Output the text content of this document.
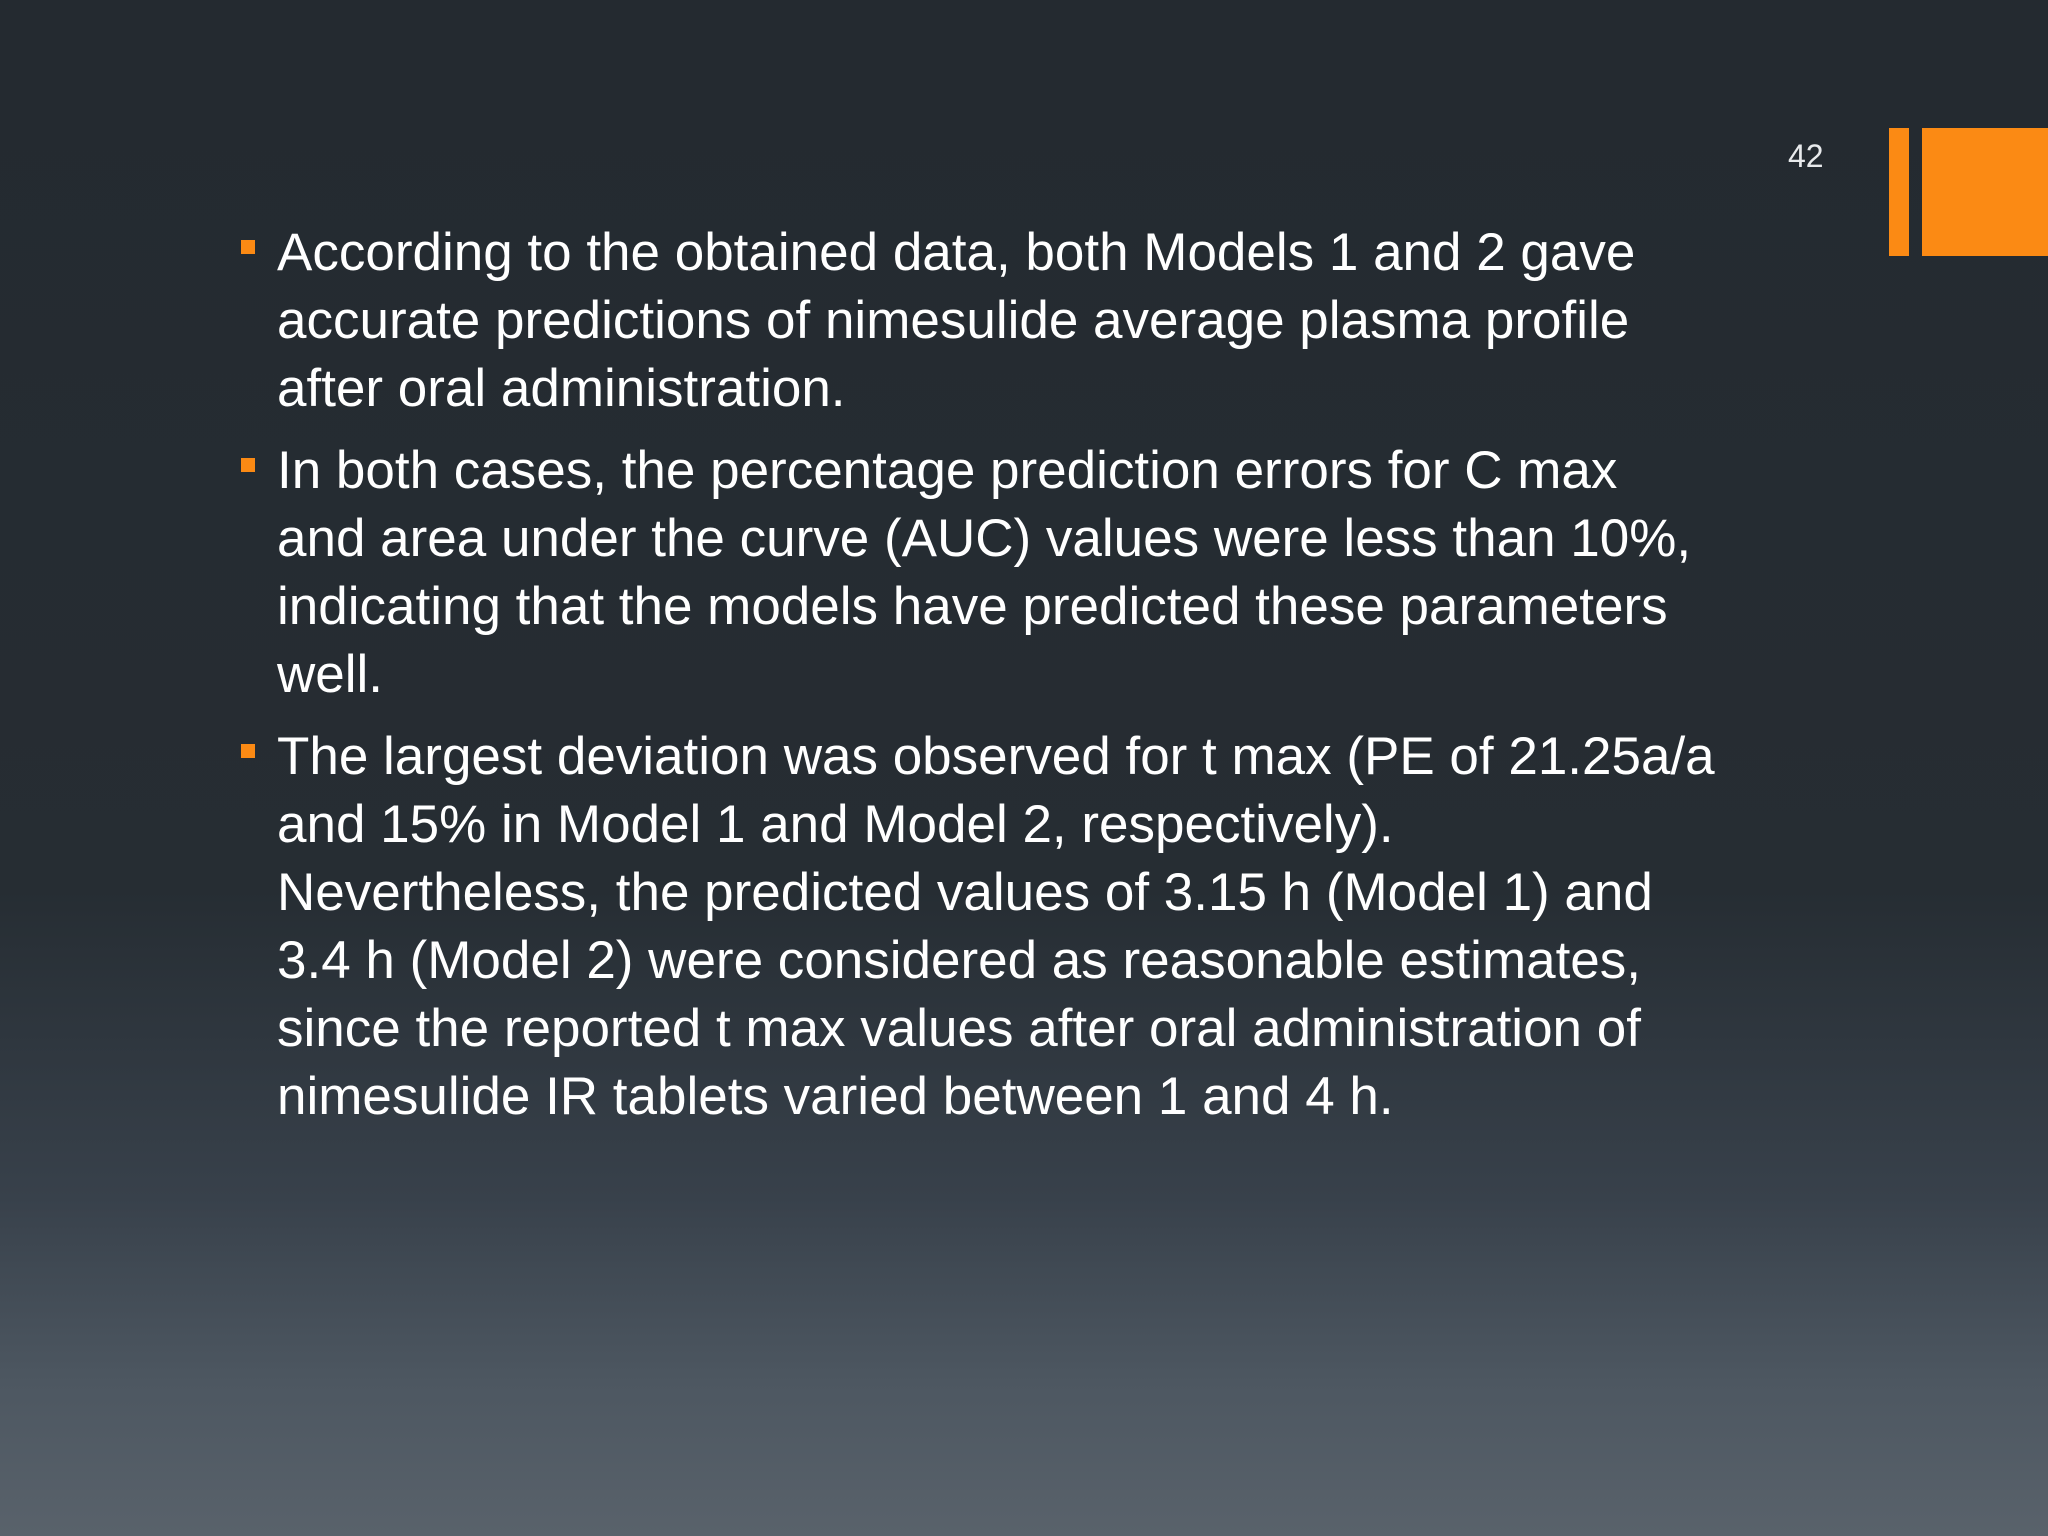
42
According to the obtained data, both Models 1 and 2 gave
accurate predictions of nimesulide average plasma profile
after oral administration.
In both cases, the percentage prediction errors for C max
and area under the curve (AUC) values were less than 10%,
indicating that the models have predicted these parameters
well.
The largest deviation was observed for t max (PE of 21.25a/a
and 15% in Model 1 and Model 2, respectively).
Nevertheless, the predicted values of 3.15 h (Model 1) and
3.4 h (Model 2) were considered as reasonable estimates,
since the reported t max values after oral administration of
nimesulide IR tablets varied between 1 and 4 h.
